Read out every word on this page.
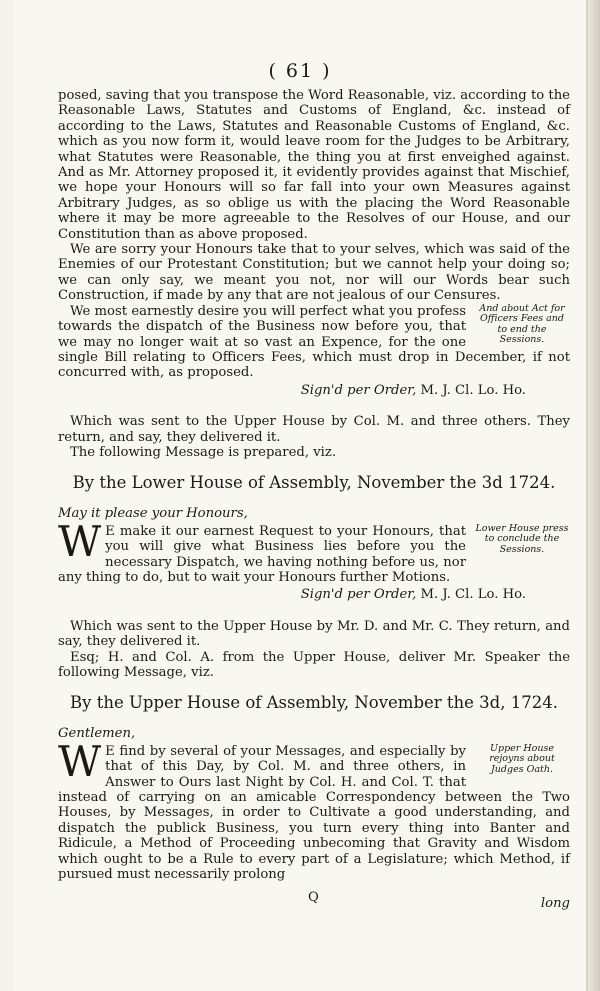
( 61 )

posed, saving that you transpose the Word Reasonable, viz. according to the Reasonable Laws, Statutes and Customs of England, &c. instead of according to the Laws, Statutes and Reasonable Customs of England, &c. which as you now form it, would leave room for the Judges to be Arbitrary, what Statutes were Reasonable, the thing you at first enveighed against. And as Mr. Attorney proposed it, it evidently provides against that Mischief, we hope your Honours will so far fall into your own Measures against Arbitrary Judges, as so oblige us with the placing the Word Reasonable where it may be more agreeable to the Resolves of our House, and our Constitution than as above proposed.

We are sorry your Honours take that to your selves, which was said of the Enemies of our Protestant Constitution; but we cannot help your doing so; we can only say, we meant you not, nor will our Words bear such Construction, if made by any that are not jealous of our Censures.

And about Act for Officers Fees and to end the Sessions.

We most earnestly desire you will perfect what you profess towards the dispatch of the Business now before you, that we may no longer wait at so vast an Expence, for the one single Bill relating to Officers Fees, which must drop in December, if not concurred with, as proposed.

Sign'd per Order, M. J. Cl. Lo. Ho.

Which was sent to the Upper House by Col. M. and three others. They return, and say, they delivered it.

The following Message is prepared, viz.

By the Lower House of Assembly, November the 3d 1724.
May it please your Honours,
Lower House press to conclude the Sessions.
W E make it our earnest Request to your Honours, that you will give what Business lies before you the necessary Dispatch, we having nothing before us, nor any thing to do, but to wait your Honours further Motions.

Sign'd per Order, M. J. Cl. Lo. Ho.

Which was sent to the Upper House by Mr. D. and Mr. C. They return, and say, they delivered it.

Esq; H. and Col. A. from the Upper House, deliver Mr. Speaker the following Message, viz.

By the Upper House of Assembly, November the 3d, 1724.
Gentlemen,
Upper House rejoyns about Judges Oath.
W E find by several of your Messages, and especially by that of this Day, by Col. M. and three others, in Answer to Ours last Night by Col. H. and Col. T. that instead of carrying on an amicable Correspondency between the Two Houses, by Messages, in order to Cultivate a good understanding, and dispatch the publick Business, you turn every thing into Banter and Ridicule, a Method of Proceeding unbecoming that Gravity and Wisdom which ought to be a Rule to every part of a Legislature; which Method, if pursued must necessarily prolong

Q	long
